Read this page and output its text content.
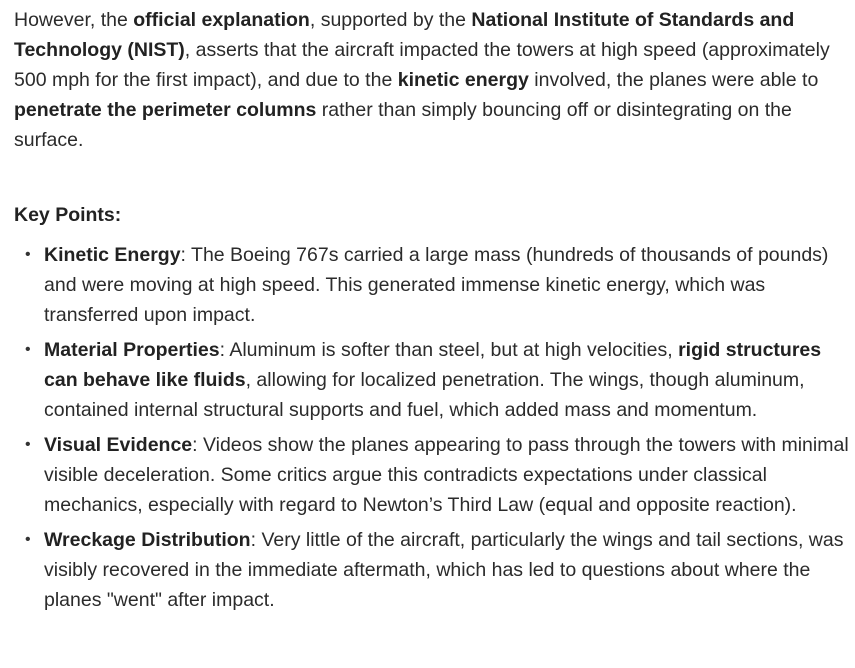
However, the official explanation, supported by the National Institute of Standards and Technology (NIST), asserts that the aircraft impacted the towers at high speed (approximately 500 mph for the first impact), and due to the kinetic energy involved, the planes were able to penetrate the perimeter columns rather than simply bouncing off or disintegrating on the surface.

Key Points:
• Kinetic Energy: The Boeing 767s carried a large mass (hundreds of thousands of pounds) and were moving at high speed. This generated immense kinetic energy, which was transferred upon impact.
• Material Properties: Aluminum is softer than steel, but at high velocities, rigid structures can behave like fluids, allowing for localized penetration. The wings, though aluminum, contained internal structural supports and fuel, which added mass and momentum.
• Visual Evidence: Videos show the planes appearing to pass through the towers with minimal visible deceleration. Some critics argue this contradicts expectations under classical mechanics, especially with regard to Newton’s Third Law (equal and opposite reaction).
• Wreckage Distribution: Very little of the aircraft, particularly the wings and tail sections, was visibly recovered in the immediate aftermath, which has led to questions about where the planes "went" after impact.
